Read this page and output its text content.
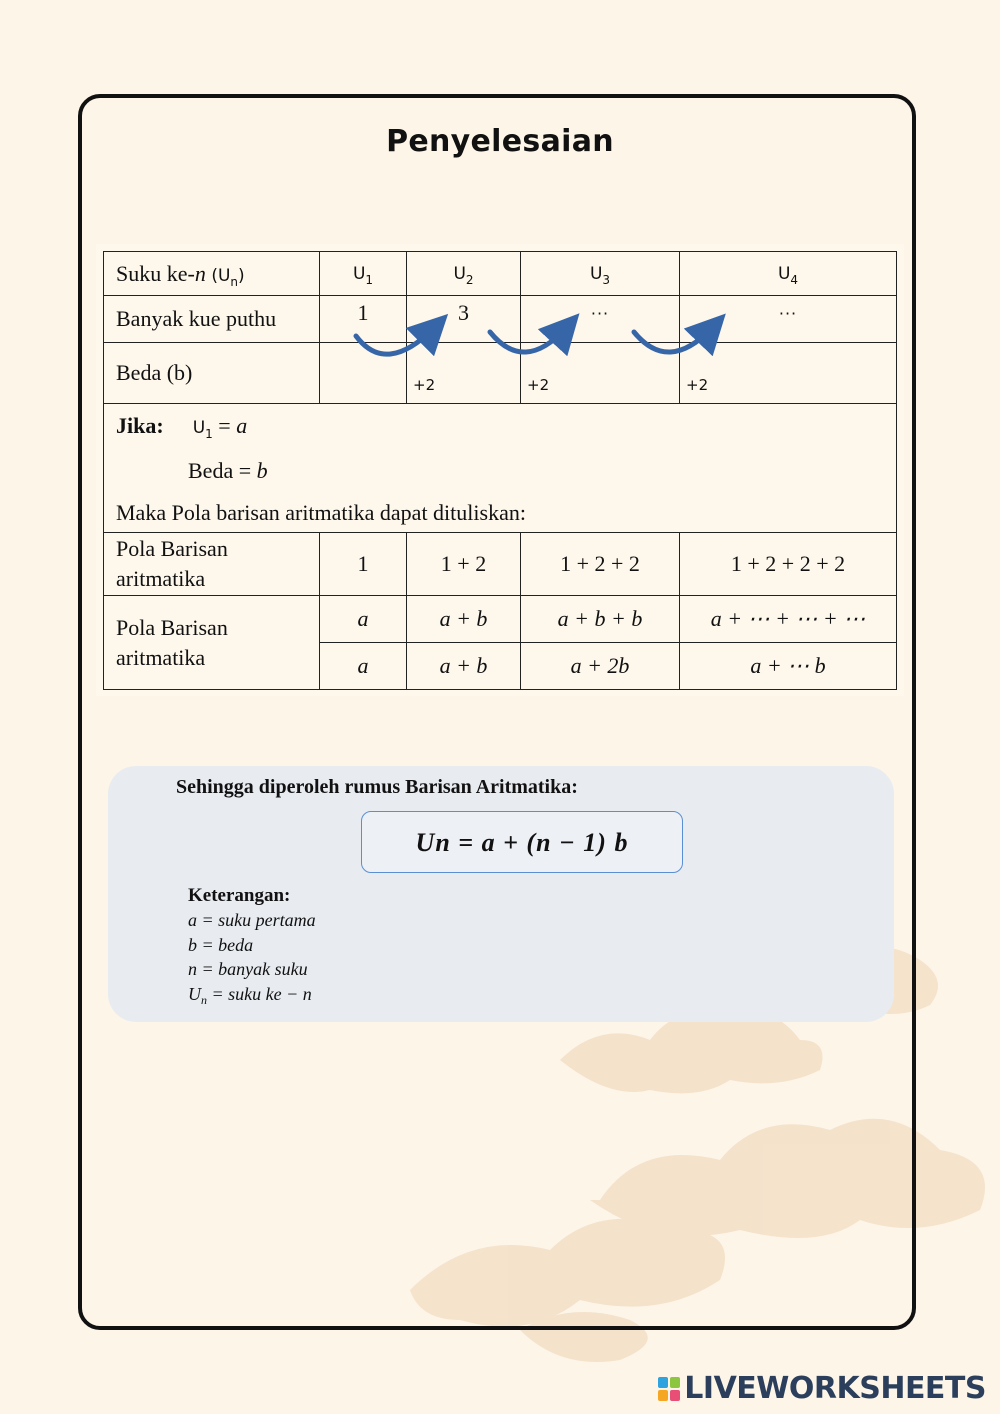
Penyelesaian
Suku ke-n $(U_n)$	$U_1$	$U_2$	$U_3$	$U_4$
Banyak kue puthu	1	3	···	···
Beda (b)		$_{+2}$	$_{+2}$	$_{+2}$

Jika: $U_1 = a$

Beda = b

Maka Pola barisan aritmatika dapat dituliskan:				

Pola Barisan
aritmatika	1	1 + 2	1 + 2 + 2	1 + 2 + 2 + 2
Pola Barisan
aritmatika	a	a + b	a + b + b	a + ⋯ + ⋯ + ⋯
	a	a + b	a + 2b	a + ⋯ b
Sehingga diperoleh rumus Barisan Aritmatika:
Un = a + (n − 1) b
Keterangan:
a = suku pertama
b = beda
n = banyak suku
$U_n$ = suku ke − n
LIVEWORKSHEETS
